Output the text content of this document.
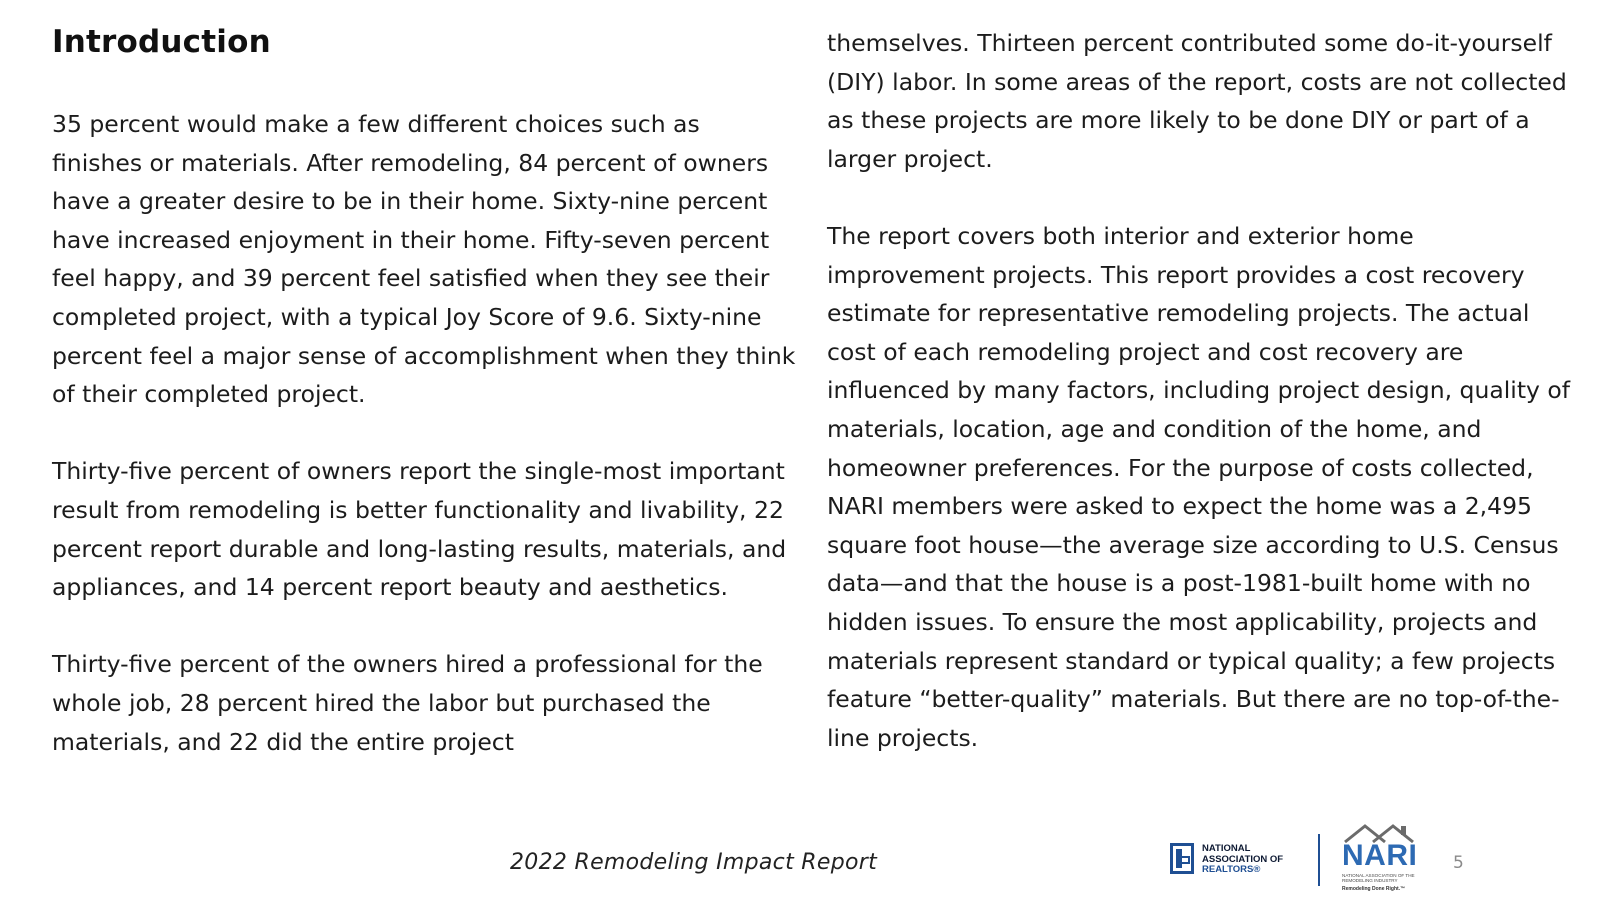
Introduction

35 percent would make a few different choices such as finishes or materials. After remodeling, 84 percent of owners have a greater desire to be in their home. Sixty-nine percent have increased enjoyment in their home. Fifty-seven percent feel happy, and 39 percent feel satisfied when they see their completed project, with a typical Joy Score of 9.6. Sixty-nine percent feel a major sense of accomplishment when they think of their completed project.

Thirty-five percent of owners report the single-most important result from remodeling is better functionality and livability, 22 percent report durable and long-lasting results, materials, and appliances, and 14 percent report beauty and aesthetics.

Thirty-five percent of the owners hired a professional for the whole job, 28 percent hired the labor but purchased the materials, and 22 did the entire project

themselves. Thirteen percent contributed some do-it-yourself (DIY) labor. In some areas of the report, costs are not collected as these projects are more likely to be done DIY or part of a larger project.

The report covers both interior and exterior home improvement projects. This report provides a cost recovery estimate for representative remodeling projects. The actual cost of each remodeling project and cost recovery are influenced by many factors, including project design, quality of materials, location, age and condition of the home, and homeowner preferences. For the purpose of costs collected, NARI members were asked to expect the home was a 2,495 square foot house—the average size according to U.S. Census data—and that the house is a post-1981-built home with no hidden issues. To ensure the most applicability, projects and materials represent standard or typical quality; a few projects feature “better-quality” materials. But there are no top-of-the-line projects.

2022 Remodeling Impact Report
NATIONAL
ASSOCIATION OF
REALTORS®	NARI
NATIONAL ASSOCIATION OF THE REMODELING INDUSTRY
Remodeling Done Right.™
5
